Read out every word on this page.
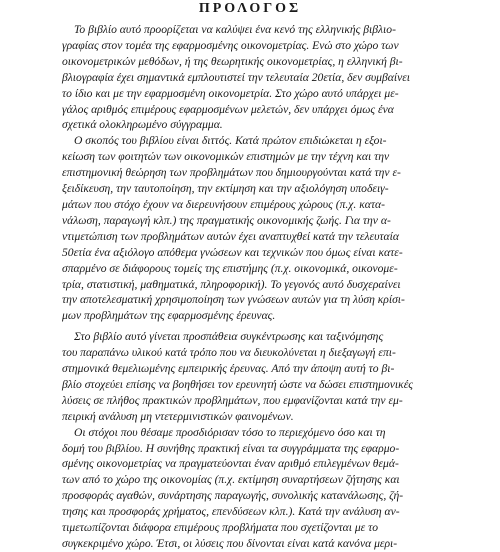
ΠΡΟΛΟΓΟΣ
Το βιβλίο αυτό προορίζεται να καλύψει ένα κενό της ελληνικής βιβλιο-
γραφίας στον τομέα της εφαρμοσμένης οικονομετρίας. Ενώ στο χώρο των
οικονομετρικών μεθόδων, ή της θεωρητικής οικονομετρίας, η ελληνική βι-
βλιογραφία έχει σημαντικά εμπλουτιστεί την τελευταία 20ετία, δεν συμβαίνει
το ίδιο και με την εφαρμοσμένη οικονομετρία. Στο χώρο αυτό υπάρχει με-
γάλος αριθμός επιμέρους εφαρμοσμένων μελετών, δεν υπάρχει όμως ένα
σχετικά ολοκληρωμένο σύγγραμμα.
Ο σκοπός του βιβλίου είναι διττός. Κατά πρώτον επιδιώκεται η εξοι-
κείωση των φοιτητών των οικονομικών επιστημών με την τέχνη και την
επιστημονική θεώρηση των προβλημάτων που δημιουργούνται κατά την ε-
ξειδίκευση, την ταυτοποίηση, την εκτίμηση και την αξιολόγηση υποδειγ-
μάτων που στόχο έχουν να διερευνήσουν επιμέρους χώρους (π.χ. κατα-
νάλωση, παραγωγή κλπ.) της πραγματικής οικονομικής ζωής. Για την α-
ντιμετώπιση των προβλημάτων αυτών έχει αναπτυχθεί κατά την τελευταία
50ετία ένα αξιόλογο απόθεμα γνώσεων και τεχνικών που όμως είναι κατε-
σπαρμένο σε διάφορους τομείς της επιστήμης (π.χ. οικονομικά, οικονομε-
τρία, στατιστική, μαθηματικά, πληροφορική). Το γεγονός αυτό δυσχεραίνει
την αποτελεσματική χρησιμοποίηση των γνώσεων αυτών για τη λύση κρίσι-
μων προβλημάτων της εφαρμοσμένης έρευνας.
Στο βιβλίο αυτό γίνεται προσπάθεια συγκέντρωσης και ταξινόμησης
του παραπάνω υλικού κατά τρόπο που να διευκολύνεται η διεξαγωγή επι-
στημονικά θεμελιωμένης εμπειρικής έρευνας. Από την άποψη αυτή το βι-
βλίο στοχεύει επίσης να βοηθήσει τον ερευνητή ώστε να δώσει επιστημονικές
λύσεις σε πλήθος πρακτικών προβλημάτων, που εμφανίζονται κατά την εμ-
πειρική ανάλυση μη ντετερμινιστικών φαινομένων.
Οι στόχοι που θέσαμε προσδιόρισαν τόσο το περιεχόμενο όσο και τη
δομή του βιβλίου. Η συνήθης πρακτική είναι τα συγγράμματα της εφαρμο-
σμένης οικονομετρίας να πραγματεύονται έναν αριθμό επιλεγμένων θεμά-
των από το χώρο της οικονομίας (π.χ. εκτίμηση συναρτήσεων ζήτησης και
προσφοράς αγαθών, συνάρτησης παραγωγής, συνολικής κατανάλωσης, ζή-
τησης και προσφοράς χρήματος, επενδύσεων κλπ.). Κατά την ανάλυση αν-
τιμετωπίζονται διάφορα επιμέρους προβλήματα που σχετίζονται με το
συγκεκριμένο χώρο. Έτσι, οι λύσεις που δίνονται είναι κατά κανόνα μερι-
